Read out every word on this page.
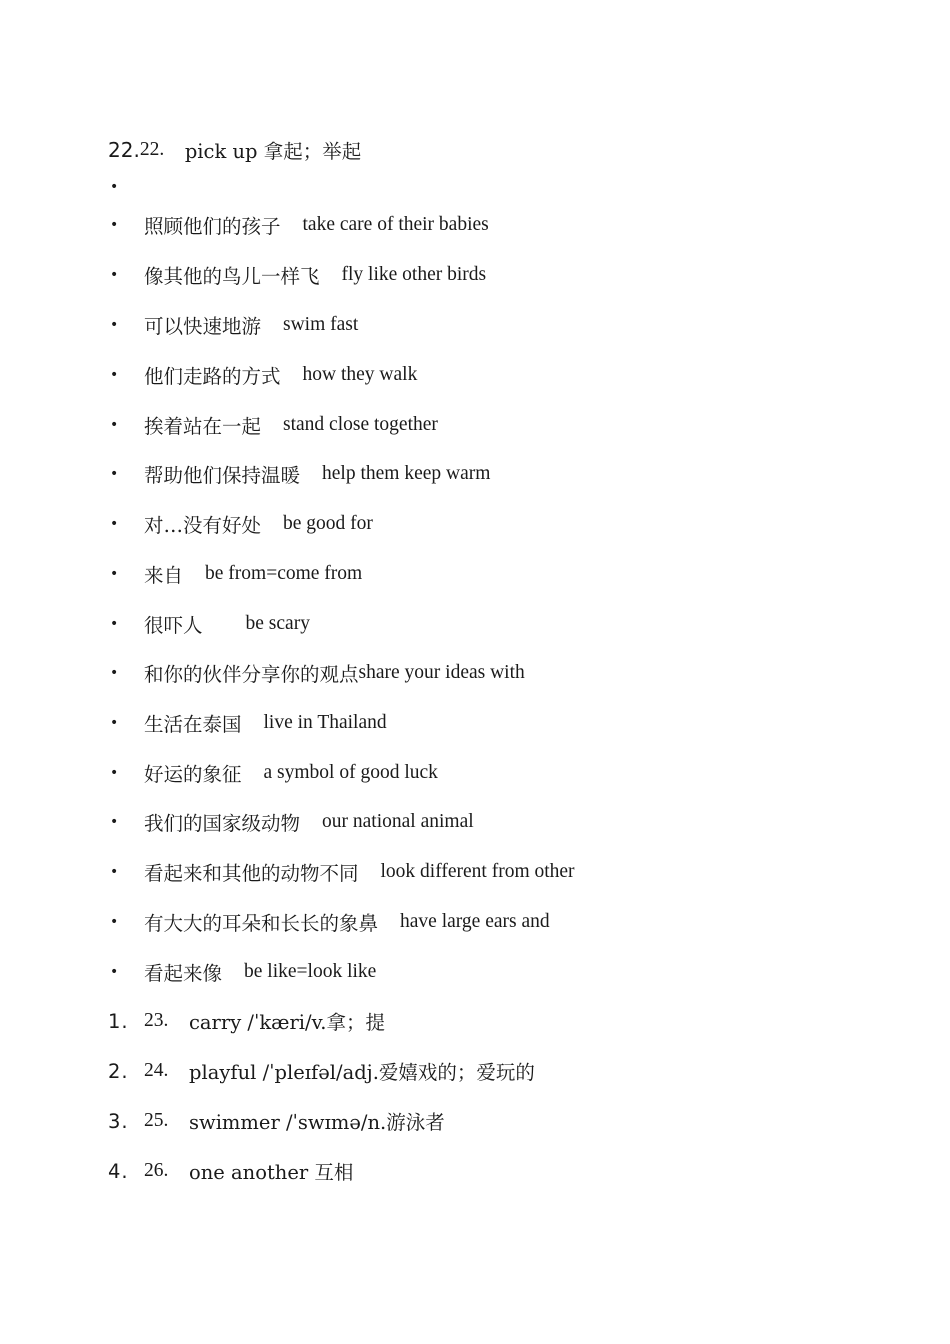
22. 22.	pick up 拿起；举起
•
•	照顾他们的孩子 take care of their babies
•	像其他的鸟儿一样飞 fly like other birds
•	可以快速地游 swim fast
•	他们走路的方式 how they walk
•	挨着站在一起 stand close together
•	帮助他们保持温暖 help them keep warm
•	对…没有好处 be good for
•	来自 be from=come from
•	很吓人 be scary
•	和你的伙伴分享你的观点 share your ideas with
•	生活在泰国 live in Thailand
•	好运的象征 a symbol of good luck
•	我们的国家级动物 our national animal
•	看起来和其他的动物不同 look different from other
•	有大大的耳朵和长长的象鼻 have large ears and
•	看起来像 be like=look like
1. 23.	carry /ˈkæri/v.拿；提
2. 24.	playful /ˈpleɪfəl/adj.爱嬉戏的；爱玩的
3. 25.	swimmer /ˈswɪmə/n.游泳者
4. 26.	one another 互相
